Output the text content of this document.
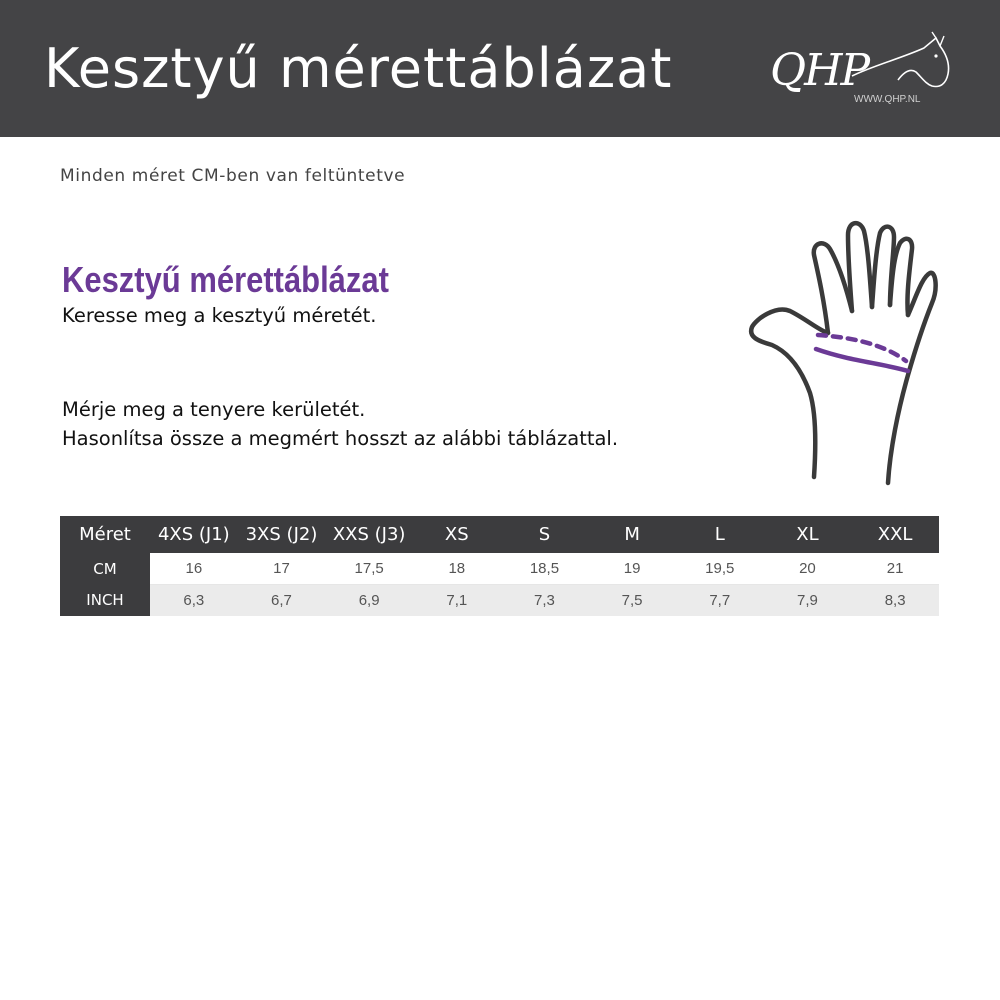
Kesztyű mérettáblázat QHP
WWW.QHP.NL

Minden méret CM-ben van feltüntetve

Kesztyű mérettáblázat

Keresse meg a kesztyű méretét.

Mérje meg a tenyere kerületét.
Hasonlítsa össze a megmért hosszt az alábbi táblázattal.

Méret	4XS (J1)	3XS (J2)	XXS (J3)	XS	S	M	L	XL	XXL
CM	16	17	17,5	18	18,5	19	19,5	20	21
INCH	6,3	6,7	6,9	7,1	7,3	7,5	7,7	7,9	8,3
